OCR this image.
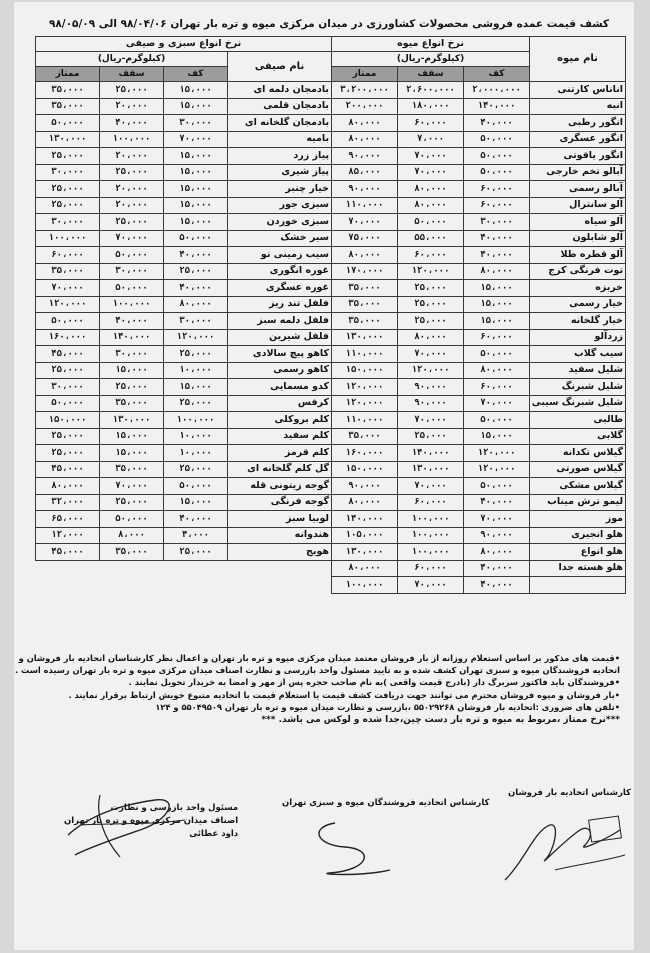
کشف قیمت عمده فروشی محصولات کشاورزی در میدان مرکزی میوه و تره بار تهران ۹۸/۰۴/۰۶ الی ۹۸/۰۵/۰۹
نام میوه	نرخ انواع میوه		
	(کیلوگرم-ریال)		
	کف	سقف	ممتاز
اناناس کارتنی	۲،۰۰۰،۰۰۰	۲،۶۰۰،۰۰۰	۳،۲۰۰،۰۰۰
انبه	۱۴۰،۰۰۰	۱۸۰،۰۰۰	۲۰۰،۰۰۰
انگور رطبی	۴۰،۰۰۰	۶۰،۰۰۰	۸۰،۰۰۰
انگور عسگری	۵۰،۰۰۰	۷،۰۰۰	۸۰،۰۰۰
انگور یاقوتی	۵۰،۰۰۰	۷۰،۰۰۰	۹۰،۰۰۰
آبالو تخم خارجی	۵۰،۰۰۰	۷۰،۰۰۰	۸۵،۰۰۰
آبالو رسمی	۶۰،۰۰۰	۸۰،۰۰۰	۹۰،۰۰۰
آلو سانترال	۶۰،۰۰۰	۸۰،۰۰۰	۱۱۰،۰۰۰
آلو سیاه	۳۰،۰۰۰	۵۰،۰۰۰	۷۰،۰۰۰
آلو شابلون	۴۰،۰۰۰	۵۵،۰۰۰	۷۵،۰۰۰
آلو قطره طلا	۴۰،۰۰۰	۶۰،۰۰۰	۸۰،۰۰۰
توت فرنگی کرج	۸۰،۰۰۰	۱۲۰،۰۰۰	۱۷۰،۰۰۰
خربزه	۱۵،۰۰۰	۲۵،۰۰۰	۳۵،۰۰۰
خیار رسمی	۱۵،۰۰۰	۲۵،۰۰۰	۳۵،۰۰۰
خیار گلخانه	۱۵،۰۰۰	۲۵،۰۰۰	۳۵،۰۰۰
زردآلو	۶۰،۰۰۰	۸۰،۰۰۰	۱۳۰،۰۰۰
سیب گلاب	۵۰،۰۰۰	۷۰،۰۰۰	۱۱۰،۰۰۰
شلیل سفید	۸۰،۰۰۰	۱۲۰،۰۰۰	۱۵۰،۰۰۰
شلیل شبرنگ	۶۰،۰۰۰	۹۰،۰۰۰	۱۲۰،۰۰۰
شلیل شبرنگ سیبی	۷۰،۰۰۰	۹۰،۰۰۰	۱۲۰،۰۰۰
طالبی	۵۰،۰۰۰	۷۰،۰۰۰	۱۱۰،۰۰۰
گلابی	۱۵،۰۰۰	۲۵،۰۰۰	۳۵،۰۰۰
گیلاس تکدانه	۱۲۰،۰۰۰	۱۴۰،۰۰۰	۱۶۰،۰۰۰
گیلاس صورتی	۱۲۰،۰۰۰	۱۳۰،۰۰۰	۱۵۰،۰۰۰
گیلاس مشکی	۵۰،۰۰۰	۷۰،۰۰۰	۹۰،۰۰۰
لیمو ترش میناب	۴۰،۰۰۰	۶۰،۰۰۰	۸۰،۰۰۰
موز	۷۰،۰۰۰	۱۰۰،۰۰۰	۱۴۰،۰۰۰
هلو انجیری	۹۰،۰۰۰	۱۰۰،۰۰۰	۱۰۵،۰۰۰
هلو انواع	۸۰،۰۰۰	۱۰۰،۰۰۰	۱۳۰،۰۰۰
هلو هسته جدا	۴۰،۰۰۰	۶۰،۰۰۰	۸۰،۰۰۰
	۴۰،۰۰۰	۷۰،۰۰۰	۱۰۰،۰۰۰
نرخ انواع سبزی و صیفی			
نام صیفی	(کیلوگرم-ریال)		
	کف	سقف	ممتاز
بادمجان دلمه ای	۱۵،۰۰۰	۲۵،۰۰۰	۳۵،۰۰۰
بادمجان قلمی	۱۵،۰۰۰	۲۰،۰۰۰	۳۵،۰۰۰
بادمجان گلخانه ای	۳۰،۰۰۰	۴۰،۰۰۰	۵۰،۰۰۰
بامیه	۷۰،۰۰۰	۱۰۰،۰۰۰	۱۳۰،۰۰۰
پیاز زرد	۱۵،۰۰۰	۲۰،۰۰۰	۲۵،۰۰۰
پیاز شیری	۱۵،۰۰۰	۲۵،۰۰۰	۳۰،۰۰۰
خیار چنبر	۱۵،۰۰۰	۲۰،۰۰۰	۲۵،۰۰۰
سبزی جور	۱۵،۰۰۰	۲۰،۰۰۰	۲۵،۰۰۰
سبزی خوردن	۱۵،۰۰۰	۲۵،۰۰۰	۳۰،۰۰۰
سیر خشک	۵۰،۰۰۰	۷۰،۰۰۰	۱۰۰،۰۰۰
سیب زمینی نو	۴۰،۰۰۰	۵۰،۰۰۰	۶۰،۰۰۰
غوره انگوری	۲۵،۰۰۰	۳۰،۰۰۰	۳۵،۰۰۰
غوره عسگری	۴۰،۰۰۰	۵۰،۰۰۰	۷۰،۰۰۰
فلفل تند ریز	۸۰،۰۰۰	۱۰۰،۰۰۰	۱۲۰،۰۰۰
فلفل دلمه سبز	۳۰،۰۰۰	۴۰،۰۰۰	۵۰،۰۰۰
فلفل شیرین	۱۲۰،۰۰۰	۱۴۰،۰۰۰	۱۶۰،۰۰۰
کاهو پیچ سالادی	۲۵،۰۰۰	۳۰،۰۰۰	۴۵،۰۰۰
کاهو رسمی	۱۰،۰۰۰	۱۵،۰۰۰	۲۵،۰۰۰
کدو مسمایی	۱۵،۰۰۰	۲۵،۰۰۰	۳۰،۰۰۰
کرفس	۲۵،۰۰۰	۳۵،۰۰۰	۵۰،۰۰۰
کلم بروکلی	۱۰۰،۰۰۰	۱۳۰،۰۰۰	۱۵۰،۰۰۰
کلم سفید	۱۰،۰۰۰	۱۵،۰۰۰	۲۵،۰۰۰
کلم قرمز	۱۰،۰۰۰	۱۵،۰۰۰	۲۵،۰۰۰
گل کلم گلخانه ای	۲۵،۰۰۰	۳۵،۰۰۰	۴۵،۰۰۰
گوجه زیتونی قله	۵۰،۰۰۰	۷۰،۰۰۰	۸۰،۰۰۰
گوجه فرنگی	۱۵،۰۰۰	۲۵،۰۰۰	۳۲،۰۰۰
لوبیا سبز	۴۰،۰۰۰	۵۰،۰۰۰	۶۵،۰۰۰
هندوانه	۴،۰۰۰	۸،۰۰۰	۱۲،۰۰۰
هویج	۲۵،۰۰۰	۳۵،۰۰۰	۴۵،۰۰۰

•قیمت های مذکور بر اساس استعلام روزانه از بار فروشان معتمد میدان مرکزی میوه و تره بار تهران و اعمال نظر کارشناسان اتحادیه بار فروشان و

اتحادیه فروشندگان میوه و سبزی تهران کشف شده و به تایید مسئول واحد بازرسی و نظارت اصناف میدان مرکزی میوه و تره بار تهران رسیده است .

•فروشندگان باید فاکتور سربرگ دار (بادرج قیمت واقعی )به نام صاحب حجره پس از مهر و امضا به خریدار تحویل نمایند .

•بار فروشان و میوه فروشان محترم می توانند جهت دریافت کشف قیمت یا استعلام قیمت با اتحادیه متبوع خویش ارتباط برقرار نمایند .

•تلفن های ضروری :اتحادیه بار فروشان ۵۵۰۲۹۲۶۸ ،بازرسی و نظارت میدان میوه و تره بار تهران ۵۵۰۴۹۵۰۹ و ۱۲۴

***نرخ ممتاز ،مربوط به میوه و تره بار دست چین،جدا شده و لوکس می باشد. ***

کارشناس اتحادیه بار فروشان
کارشناس اتحادیه فروشندگان میوه و سبزی تهران
مسئول واحد بازرسی و نظارت
اصناف میدان مرکزی میوه و تره بار تهران
داود عطائی
